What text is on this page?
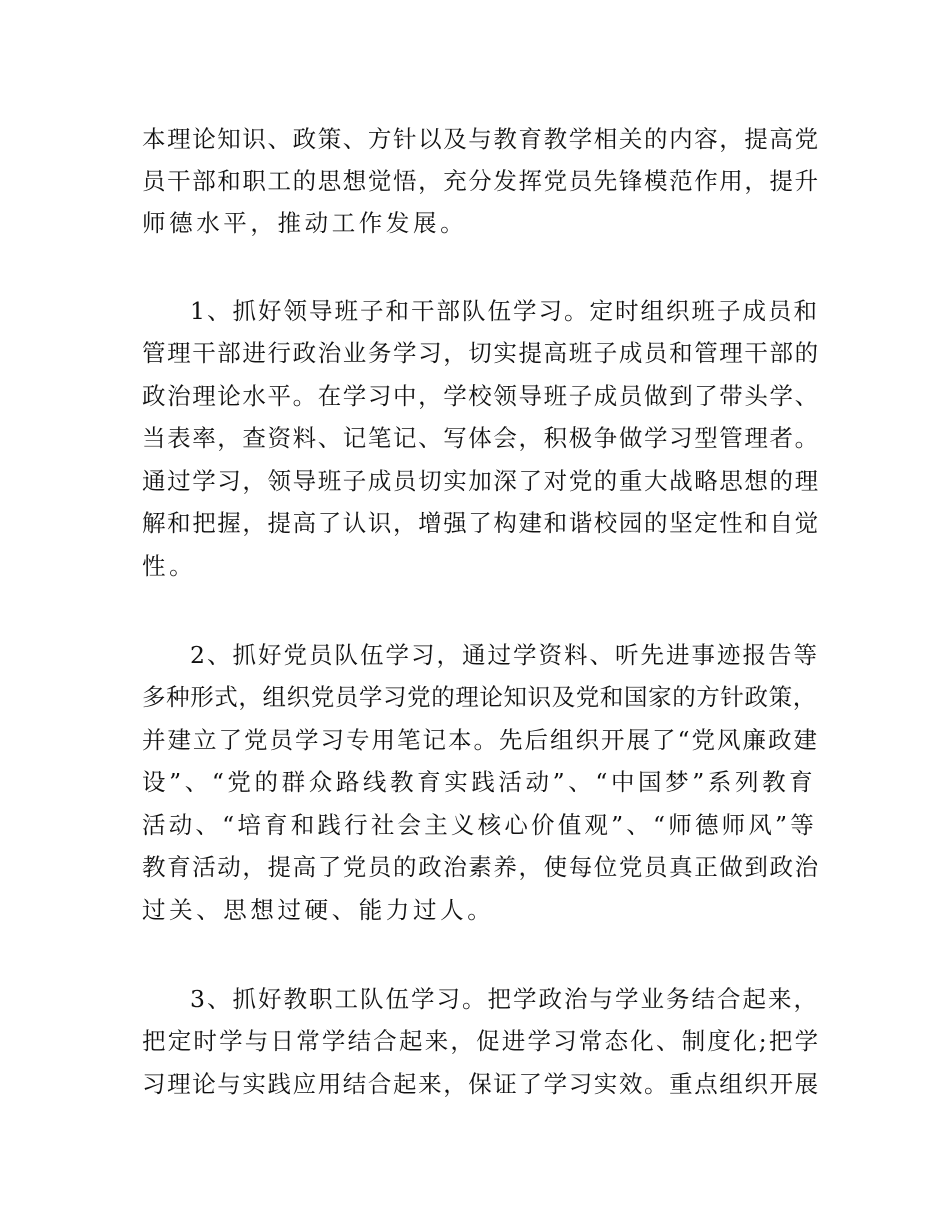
本理论知识、政策、方针以及与教育教学相关的内容，提高党
员干部和职工的思想觉悟，充分发挥党员先锋模范作用，提升
师德水平，推动工作发展。
1、抓好领导班子和干部队伍学习。定时组织班子成员和
管理干部进行政治业务学习，切实提高班子成员和管理干部的
政治理论水平。在学习中，学校领导班子成员做到了带头学、
当表率，查资料、记笔记、写体会，积极争做学习型管理者。
通过学习，领导班子成员切实加深了对党的重大战略思想的理
解和把握，提高了认识，增强了构建和谐校园的坚定性和自觉
性。
2、抓好党员队伍学习，通过学资料、听先进事迹报告等
多种形式，组织党员学习党的理论知识及党和国家的方针政策，
并建立了党员学习专用笔记本。先后组织开展了“党风廉政建
设”、“党的群众路线教育实践活动”、“中国梦”系列教育
活动、“培育和践行社会主义核心价值观”、“师德师风”等
教育活动，提高了党员的政治素养，使每位党员真正做到政治
过关、思想过硬、能力过人。
3、抓好教职工队伍学习。把学政治与学业务结合起来，
把定时学与日常学结合起来，促进学习常态化、制度化;把学
习理论与实践应用结合起来，保证了学习实效。重点组织开展
